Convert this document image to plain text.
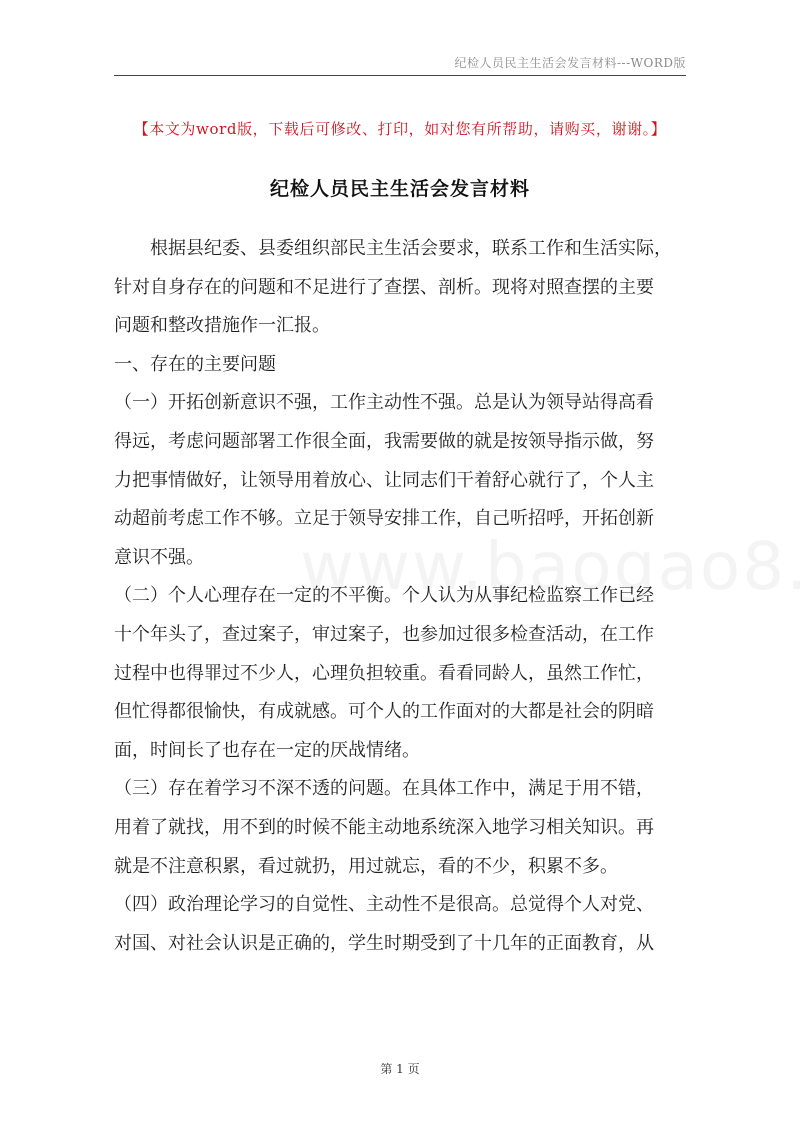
纪检人员民主生活会发言材料---WORD版
【本文为word版，下载后可修改、打印，如对您有所帮助，请购买，谢谢。】
纪检人员民主生活会发言材料
根据县纪委、县委组织部民主生活会要求，联系工作和生活实际，
针对自身存在的问题和不足进行了查摆、剖析。现将对照查摆的主要
问题和整改措施作一汇报。
一、存在的主要问题
（一）开拓创新意识不强，工作主动性不强。总是认为领导站得高看
得远，考虑问题部署工作很全面，我需要做的就是按领导指示做，努
力把事情做好，让领导用着放心、让同志们干着舒心就行了，个人主
动超前考虑工作不够。立足于领导安排工作，自己听招呼，开拓创新
意识不强。
（二）个人心理存在一定的不平衡。个人认为从事纪检监察工作已经
十个年头了，查过案子，审过案子，也参加过很多检查活动，在工作
过程中也得罪过不少人，心理负担较重。看看同龄人，虽然工作忙，
但忙得都很愉快，有成就感。可个人的工作面对的大都是社会的阴暗
面，时间长了也存在一定的厌战情绪。
（三）存在着学习不深不透的问题。在具体工作中，满足于用不错，
用着了就找，用不到的时候不能主动地系统深入地学习相关知识。再
就是不注意积累，看过就扔，用过就忘，看的不少，积累不多。
（四）政治理论学习的自觉性、主动性不是很高。总觉得个人对党、
对国、对社会认识是正确的，学生时期受到了十几年的正面教育，从
第 1 页
